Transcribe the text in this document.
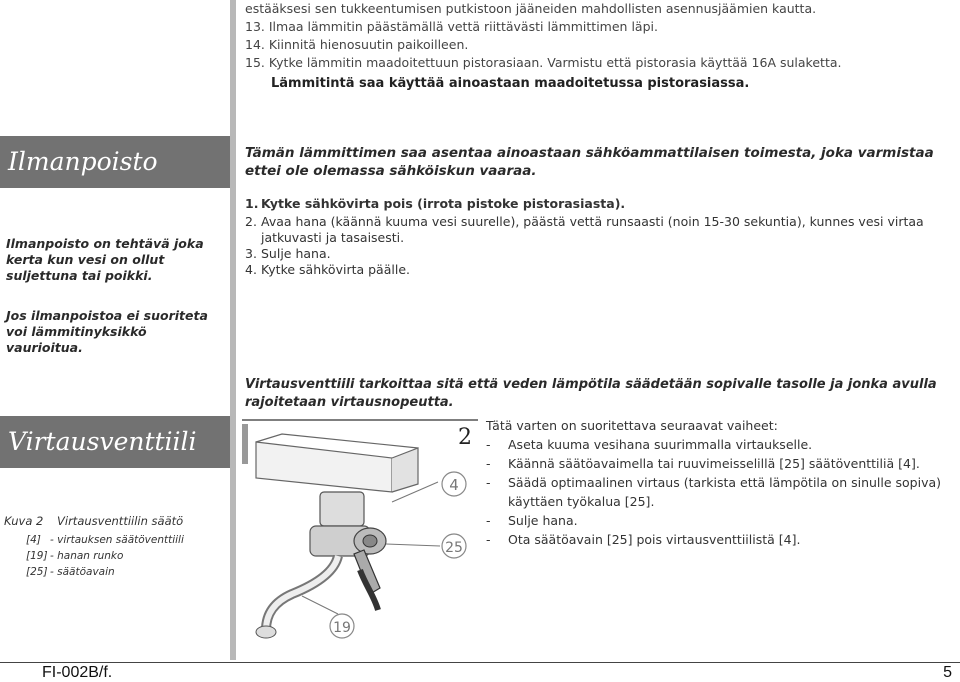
estääksesi sen tukkeentumisen putkistoon jääneiden mahdollisten asennusjäämien kautta.
13. Ilmaa lämmitin päästämällä vettä riittävästi lämmittimen läpi.
14. Kiinnitä hienosuutin paikoilleen.
15. Kytke lämmitin maadoitettuun pistorasiaan. Varmistu että pistorasia käyttää 16A sulaketta.
Lämmitintä saa käyttää ainoastaan maadoitetussa pistorasiassa.
Ilmanpoisto
Ilmanpoisto on tehtävä joka kerta kun vesi on ollut suljettuna tai poikki.
Jos ilmanpoistoa ei suoriteta voi lämmitinyksikkö vaurioitua.
Tämän lämmittimen saa asentaa ainoastaan sähköammattilaisen toimesta, joka varmistaa ettei ole olemassa sähköiskun vaaraa.
1. Kytke sähkövirta pois (irrota pistoke pistorasiasta).
2. Avaa hana (käännä kuuma vesi suurelle), päästä vettä runsaasti (noin 15-30 sekuntia), kunnes vesi virtaa jatkuvasti ja tasaisesti.
3. Sulje hana.
4. Kytke sähkövirta päälle.
Virtausventtiili tarkoittaa sitä että veden lämpötila säädetään sopivalle tasolle ja jonka avulla rajoitetaan virtausnopeutta.
Virtausventtiili
Kuva 2 Virtausventtiilin säätö
[4] - virtauksen säätöventtiili
[19] - hanan runko
[25] - säätöavain
2
4
25
19
Tätä varten on suoritettava seuraavat vaiheet:
-	Aseta kuuma vesihana suurimmalla virtaukselle.
-	Käännä säätöavaimella tai ruuvimeisselillä [25] säätöventtiliä [4].
-	Säädä optimaalinen virtaus (tarkista että lämpötila on sinulle sopiva) käyttäen työkalua [25].
-	Sulje hana.
-	Ota säätöavain [25] pois virtausventtiilistä [4].
FI-002B/f.	5
